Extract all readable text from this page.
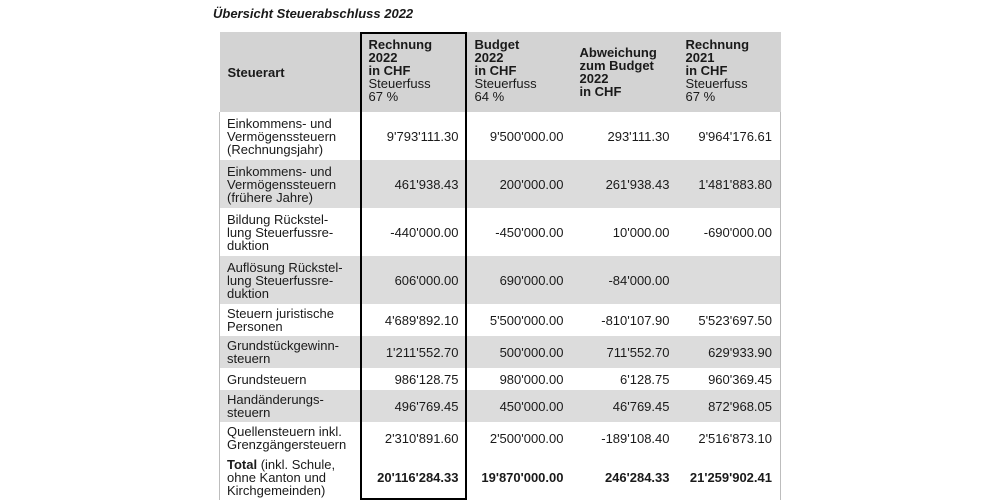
Übersicht Steuerabschluss 2022
Steuerart	Rechnung
2022
in CHF
Steuerfuss
67 %	Budget
2022
in CHF
Steuerfuss
64 %	Abweichung
zum Budget
2022
in CHF	Rechnung
2021
in CHF
Steuerfuss
67 %

Einkommens- und
Vermögenssteuern
(Rechnungsjahr)	9'793'111.30	9'500'000.00	293'111.30	9'964'176.61

Einkommens- und
Vermögenssteuern
(frühere Jahre)	461'938.43	200'000.00	261'938.43	1'481'883.80

Bildung Rückstel-
lung Steuerfussre-
duktion	-440'000.00	-450'000.00	10'000.00	-690'000.00

Auflösung Rückstel-
lung Steuerfussre-
duktion	606'000.00	690'000.00	-84'000.00	

Steuern juristische
Personen	4'689'892.10	5'500'000.00	-810'107.90	5'523'697.50

Grundstückgewinn-
steuern	1'211'552.70	500'000.00	711'552.70	629'933.90

Grundsteuern	986'128.75	980'000.00	6'128.75	960'369.45

Handänderungs-
steuern	496'769.45	450'000.00	46'769.45	872'968.05

Quellensteuern inkl.
Grenzgängersteuern	2'310'891.60	2'500'000.00	-189'108.40	2'516'873.10

Total (inkl. Schule,
ohne Kanton und
Kirchgemeinden)	20'116'284.33	19'870'000.00	246'284.33	21'259'902.41
